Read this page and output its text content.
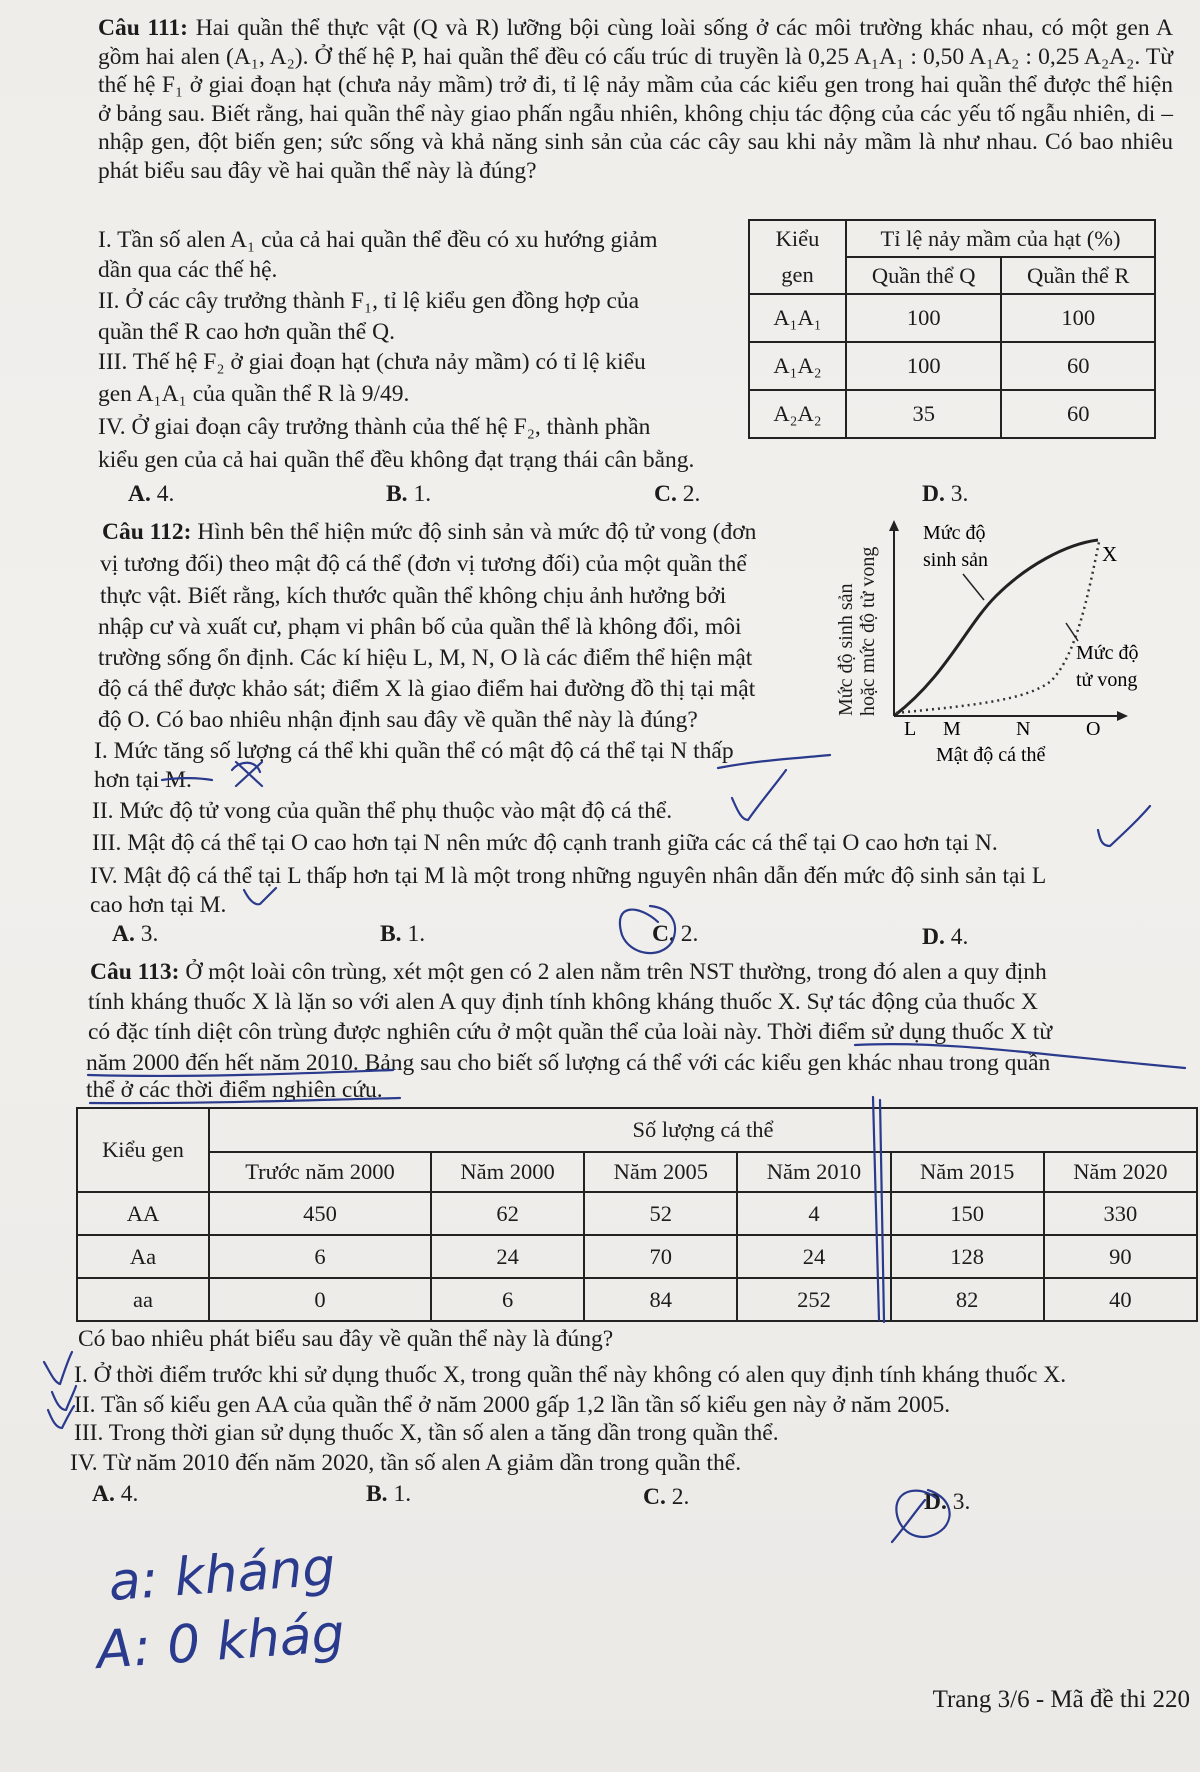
Câu 111: Hai quần thể thực vật (Q và R) lưỡng bội cùng loài sống ở các môi trường khác nhau, có một gen A gồm hai alen (A₁, A₂). Ở thế hệ P, hai quần thể đều có cấu trúc di truyền là 0,25 A₁A₁ : 0,50 A₁A₂ : 0,25 A₂A₂. Từ thế hệ F₁ ở giai đoạn hạt (chưa nảy mầm) trở đi, tỉ lệ nảy mầm của các kiểu gen trong hai quần thể được thể hiện ở bảng sau. Biết rằng, hai quần thể này giao phấn ngẫu nhiên, không chịu tác động của các yếu tố ngẫu nhiên, di – nhập gen, đột biến gen; sức sống và khả năng sinh sản của các cây sau khi nảy mầm là như nhau. Có bao nhiêu phát biểu sau đây về hai quần thể này là đúng?
I. Tần số alen A₁ của cả hai quần thể đều có xu hướng giảm
dần qua các thế hệ.
II. Ở các cây trưởng thành F₁, tỉ lệ kiểu gen đồng hợp của
quần thể R cao hơn quần thể Q.
III. Thế hệ F₂ ở giai đoạn hạt (chưa nảy mầm) có tỉ lệ kiểu
gen A₁A₁ của quần thể R là 9/49.
IV. Ở giai đoạn cây trưởng thành của thế hệ F₂, thành phần
kiểu gen của cả hai quần thể đều không đạt trạng thái cân bằng.
Kiểu	Tỉ lệ nảy mầm của hạt (%)	
gen	Quần thể Q	Quần thể R
A₁A₁	100	100
A₁A₂	100	60
A₂A₂	35	60
A. 4.	B. 1.	C. 2.	D. 3.
Câu 112: Hình bên thể hiện mức độ sinh sản và mức độ tử vong (đơn
vị tương đối) theo mật độ cá thể (đơn vị tương đối) của một quần thể
thực vật. Biết rằng, kích thước quần thể không chịu ảnh hưởng bởi
nhập cư và xuất cư, phạm vi phân bố của quần thể là không đổi, môi
trường sống ổn định. Các kí hiệu L, M, N, O là các điểm thể hiện mật
độ cá thể được khảo sát; điểm X là giao điểm hai đường đồ thị tại mật
độ O. Có bao nhiêu nhận định sau đây về quần thể này là đúng?
I. Mức tăng số lượng cá thể khi quần thể có mật độ cá thể tại N thấp
hơn tại M.
II. Mức độ tử vong của quần thể phụ thuộc vào mật độ cá thể.
III. Mật độ cá thể tại O cao hơn tại N nên mức độ cạnh tranh giữa các cá thể tại O cao hơn tại N.
IV. Mật độ cá thể tại L thấp hơn tại M là một trong những nguyên nhân dẫn đến mức độ sinh sản tại L
cao hơn tại M.
Mức độ sinh sản hoặc mức độ tử vong
Mức độ
sinh sản	X
Mức độ
tử vong
L M	N	O
Mật độ cá thể
A. 3.	B. 1.	C. 2.	D. 4.
Câu 113: Ở một loài côn trùng, xét một gen có 2 alen nằm trên NST thường, trong đó alen a quy định
tính kháng thuốc X là lặn so với alen A quy định tính không kháng thuốc X. Sự tác động của thuốc X
có đặc tính diệt côn trùng được nghiên cứu ở một quần thể của loài này. Thời điểm sử dụng thuốc X từ
năm 2000 đến hết năm 2010. Bảng sau cho biết số lượng cá thể với các kiểu gen khác nhau trong quần
thể ở các thời điểm nghiên cứu.
Kiểu gen	Số lượng cá thể					
	Trước năm 2000	Năm 2000	Năm 2005	Năm 2010	Năm 2015	Năm 2020
AA	450	62	52	4	150	330
Aa	6	24	70	24	128	90
aa	0	6	84	252	82	40
Có bao nhiêu phát biểu sau đây về quần thể này là đúng?
I. Ở thời điểm trước khi sử dụng thuốc X, trong quần thể này không có alen quy định tính kháng thuốc X.
II. Tần số kiểu gen AA của quần thể ở năm 2000 gấp 1,2 lần tần số kiểu gen này ở năm 2005.
III. Trong thời gian sử dụng thuốc X, tần số alen a tăng dần trong quần thể.
IV. Từ năm 2010 đến năm 2020, tần số alen A giảm dần trong quần thể.
A. 4.	B. 1.	C. 2.	D. 3.
a: kháng
A: 0 khág
Trang 3/6 - Mã đề thi 220
